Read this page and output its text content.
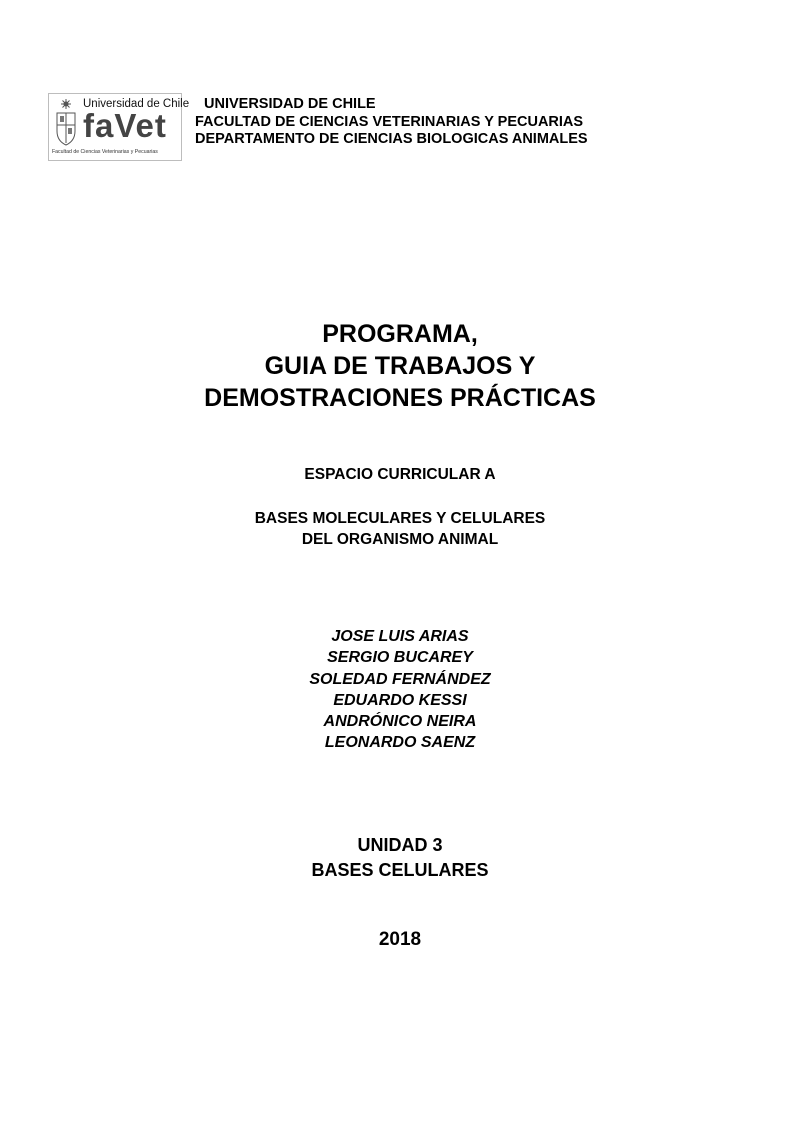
Universidad de Chile
faVet
Facultad de Ciencias Veterinarias y Pecuarias
UNIVERSIDAD DE CHILE
FACULTAD DE CIENCIAS VETERINARIAS Y PECUARIAS
DEPARTAMENTO DE CIENCIAS BIOLOGICAS ANIMALES
PROGRAMA,
GUIA DE TRABAJOS Y
DEMOSTRACIONES PRÁCTICAS
ESPACIO CURRICULAR A
BASES MOLECULARES Y CELULARES
DEL ORGANISMO ANIMAL
JOSE LUIS ARIAS
SERGIO BUCAREY
SOLEDAD FERNÁNDEZ
EDUARDO KESSI
ANDRÓNICO NEIRA
LEONARDO SAENZ
UNIDAD 3
BASES CELULARES
2018
